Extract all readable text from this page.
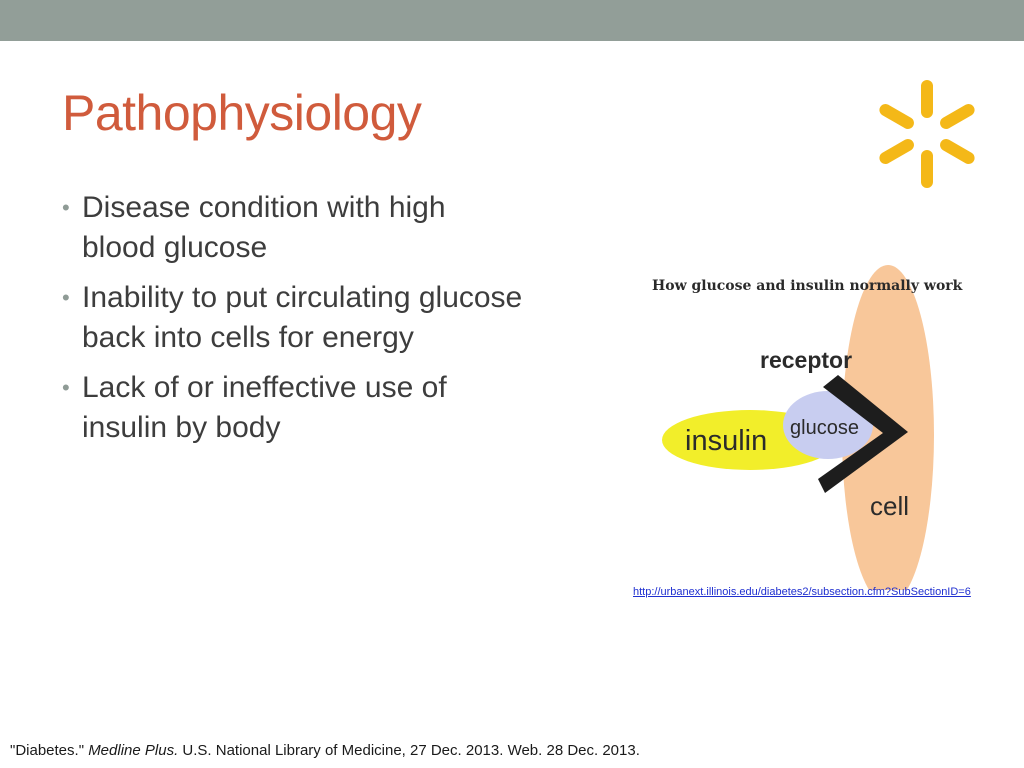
Pathophysiology
• Disease condition with high
blood glucose
• Inability to put circulating glucose
back into cells for energy
• Lack of or ineffective use of
insulin by body
How glucose and insulin normally work
receptor
glucose
insulin
cell
http://urbanext.illinois.edu/diabetes2/subsection.cfm?SubSectionID=6
"Diabetes." Medline Plus. U.S. National Library of Medicine, 27 Dec. 2013. Web. 28 Dec. 2013.
